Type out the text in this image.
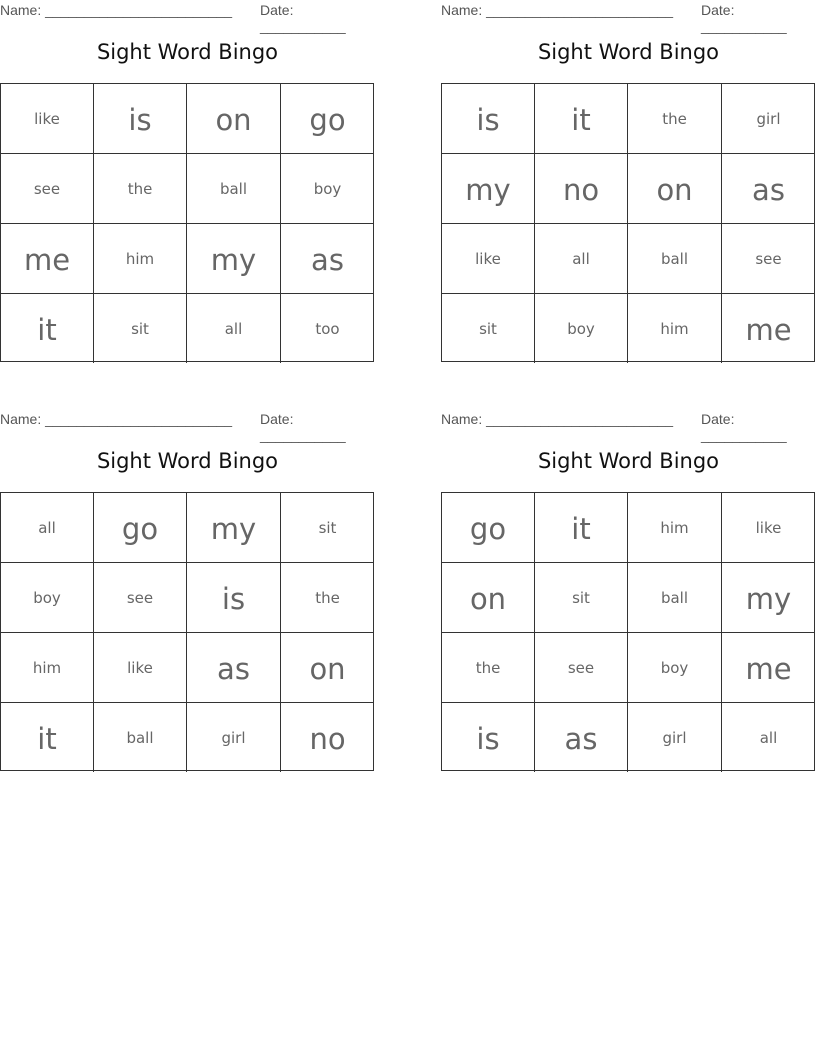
Name: ________________________ Date: ___________
Sight Word Bingo
like	is	on	go
see	the	ball	boy
me	him	my	as
it	sit	all	too
Name: ________________________ Date: ___________
Sight Word Bingo
is	it	the	girl
my	no	on	as
like	all	ball	see
sit	boy	him	me
Name: ________________________ Date: ___________
Sight Word Bingo
all	go	my	sit
boy	see	is	the
him	like	as	on
it	ball	girl	no
Name: ________________________ Date: ___________
Sight Word Bingo
go	it	him	like
on	sit	ball	my
the	see	boy	me
is	as	girl	all
